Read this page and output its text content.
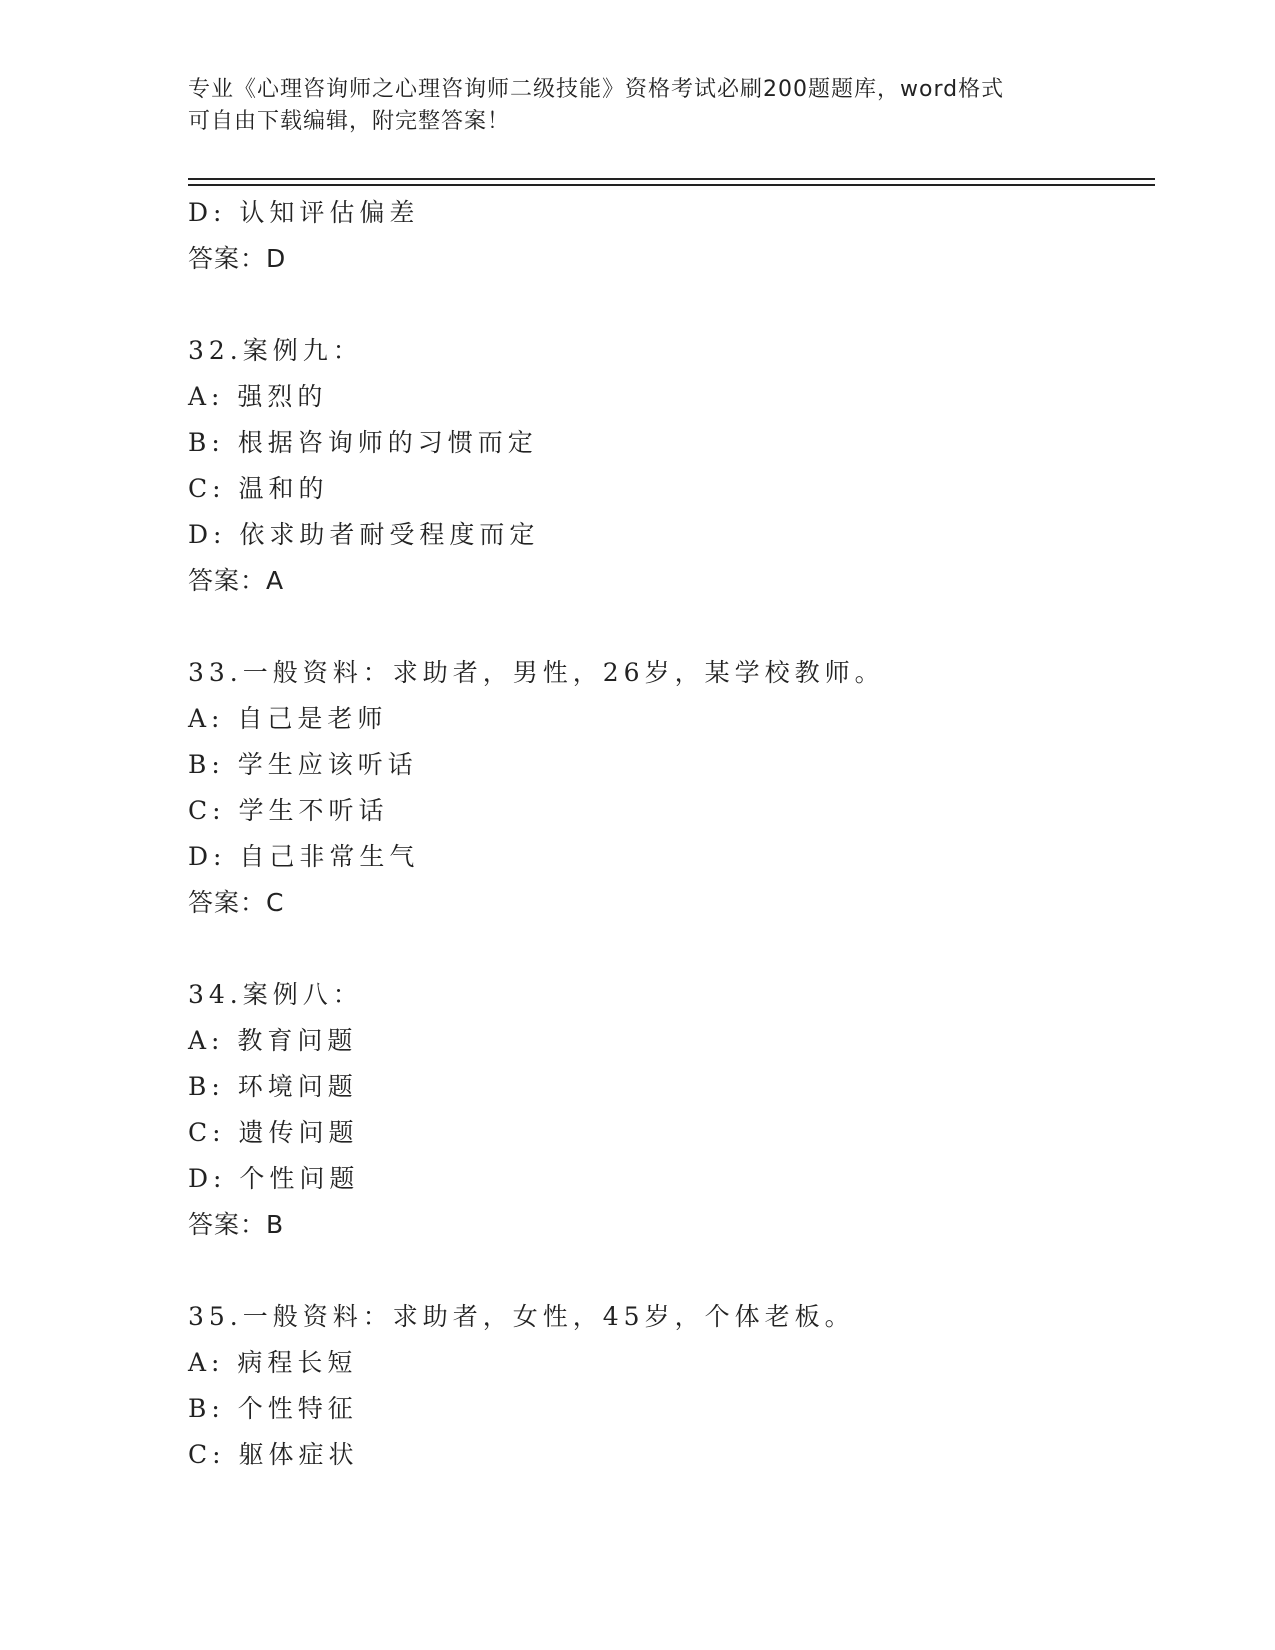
专业《心理咨询师之心理咨询师二级技能》资格考试必刷200题题库，word格式
可自由下载编辑，附完整答案！
D: 认知评估偏差
答案：D
32.案例九：
A: 强烈的
B: 根据咨询师的习惯而定
C: 温和的
D: 依求助者耐受程度而定
答案：A
33.一般资料：求助者，男性，26岁，某学校教师。
A: 自己是老师
B: 学生应该听话
C: 学生不听话
D: 自己非常生气
答案：C
34.案例八：
A: 教育问题
B: 环境问题
C: 遗传问题
D: 个性问题
答案：B
35.一般资料：求助者，女性，45岁，个体老板。
A: 病程长短
B: 个性特征
C: 躯体症状
